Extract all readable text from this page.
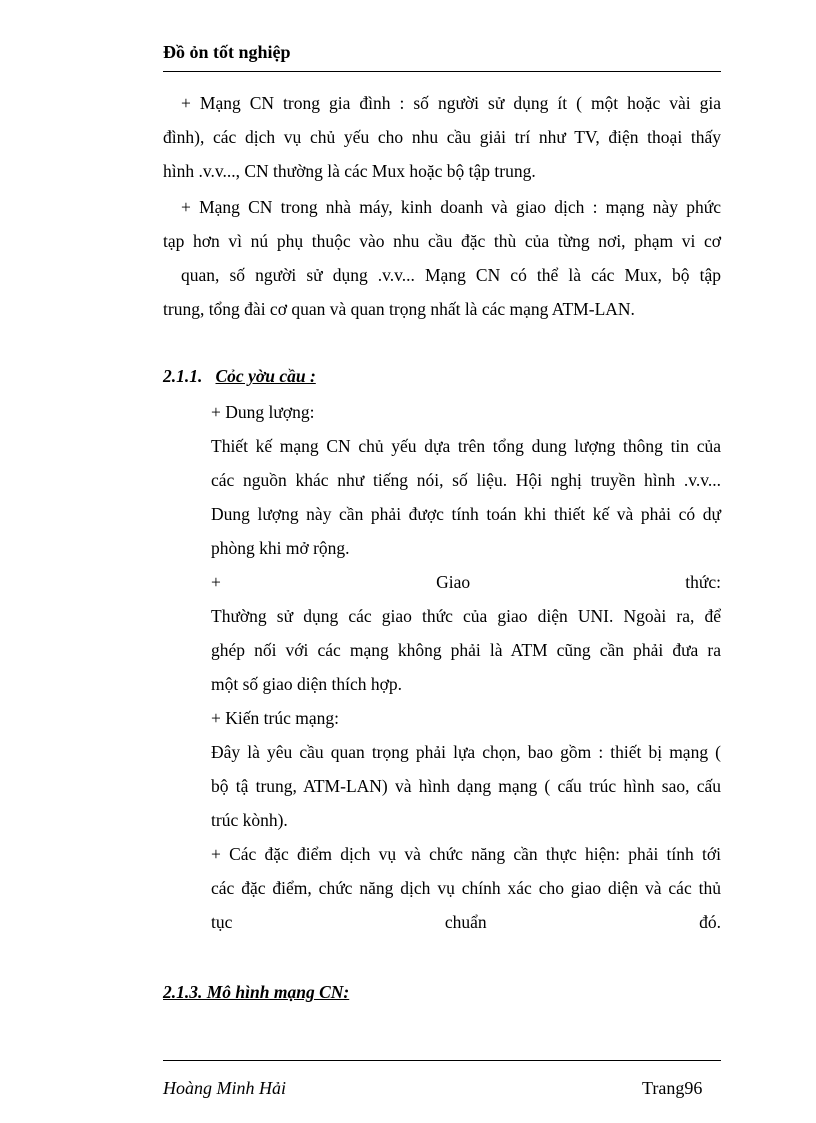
Đồ ỏn tốt nghiệp
+ Mạng CN trong gia đình : số người sử dụng ít ( một hoặc vài gia
đình), các dịch vụ chủ yếu cho nhu cầu giải trí như TV, điện thoại thấy
hình .v.v..., CN thường là các Mux hoặc bộ tập trung.
+ Mạng CN trong nhà máy, kinh doanh và giao dịch : mạng này phức
tạp hơn vì nú phụ thuộc vào nhu cầu đặc thù của từng nơi, phạm vi cơ
quan, số người sử dụng .v.v... Mạng CN có thể là các Mux, bộ tập
trung, tổng đài cơ quan và quan trọng nhất là các mạng ATM-LAN.
2.1.1. Cỏc yờu cầu :
+ Dung lượng:
Thiết kế mạng CN chủ yếu dựa trên tổng dung lượng thông tin của
các nguồn khác như tiếng nói, số liệu. Hội nghị truyền hình .v.v...
Dung lượng này cần phải được tính toán khi thiết kế và phải có dự
phòng khi mở rộng.
+	Giao	thức:
Thường sử dụng các giao thức của giao diện UNI. Ngoài ra, để
ghép nối với các mạng không phải là ATM cũng cần phải đưa ra
một số giao diện thích hợp.
+ Kiến trúc mạng:
Đây là yêu cầu quan trọng phải lựa chọn, bao gồm : thiết bị mạng (
bộ tậ trung, ATM-LAN) và hình dạng mạng ( cấu trúc hình sao, cấu
trúc kònh).
+ Các đặc điểm dịch vụ và chức năng cần thực hiện: phải tính tới
các đặc điểm, chức năng dịch vụ chính xác cho giao diện và các thủ
tục	chuẩn	đó.
2.1.3. Mô hình mạng CN:
Hoàng Minh Hải	Trang96
